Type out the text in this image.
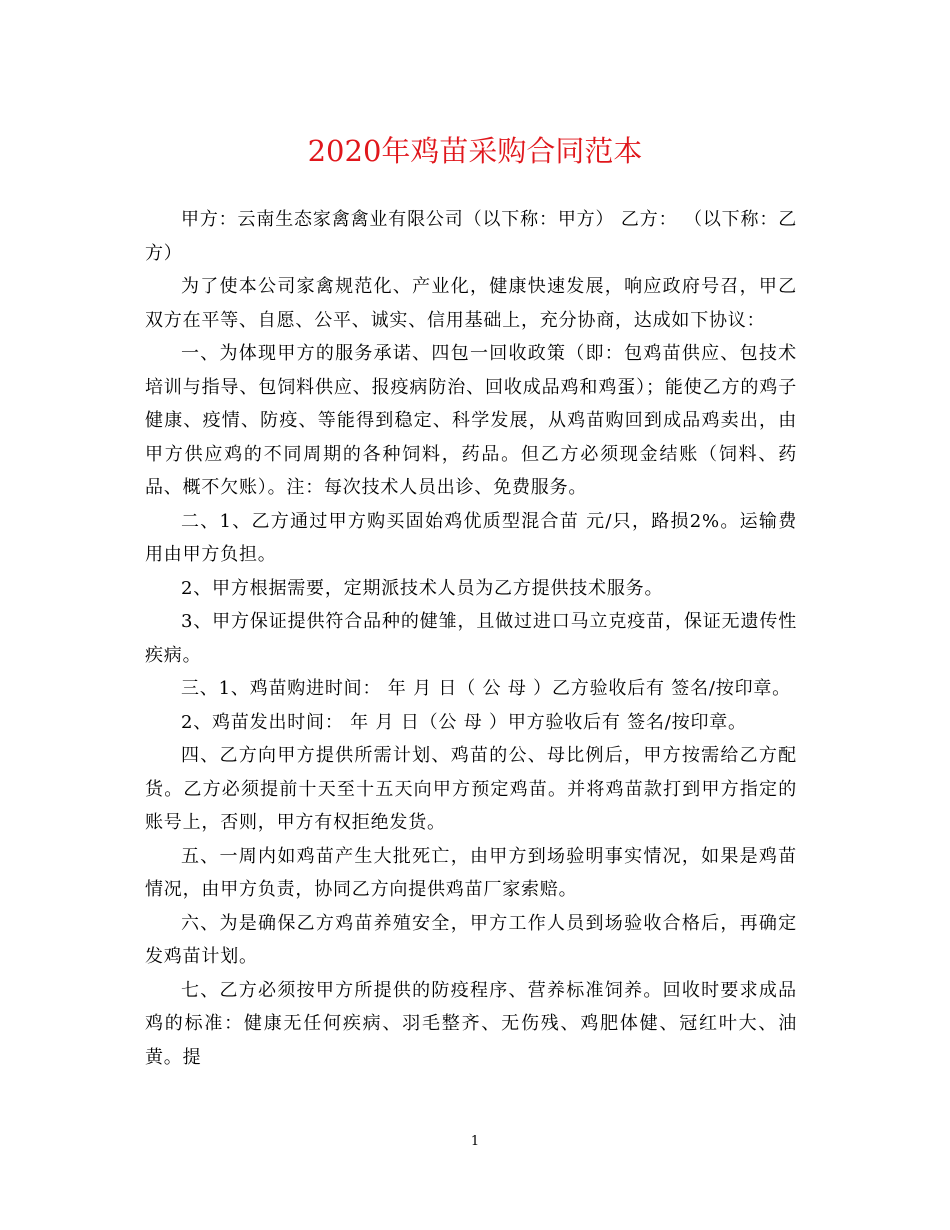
2020年鸡苗采购合同范本

甲方：云南生态家禽禽业有限公司（以下称：甲方） 乙方： （以下称：乙方）

为了使本公司家禽规范化、产业化，健康快速发展，响应政府号召，甲乙双方在平等、自愿、公平、诚实、信用基础上，充分协商，达成如下协议：

一、为体现甲方的服务承诺、四包一回收政策（即：包鸡苗供应、包技术培训与指导、包饲料供应、报疫病防治、回收成品鸡和鸡蛋）；能使乙方的鸡子健康、疫情、防疫、等能得到稳定、科学发展，从鸡苗购回到成品鸡卖出，由甲方供应鸡的不同周期的各种饲料，药品。但乙方必须现金结账（饲料、药品、概不欠账）。注：每次技术人员出诊、免费服务。

二、1、乙方通过甲方购买固始鸡优质型混合苗 元/只，路损2%。运输费用由甲方负担。

2、甲方根据需要，定期派技术人员为乙方提供技术服务。

3、甲方保证提供符合品种的健雏，且做过进口马立克疫苗，保证无遗传性疾病。

三、1、鸡苗购进时间： 年 月 日（ 公 母 ）乙方验收后有 签名/按印章。

2、鸡苗发出时间： 年 月 日（公 母 ）甲方验收后有 签名/按印章。

四、乙方向甲方提供所需计划、鸡苗的公、母比例后，甲方按需给乙方配货。乙方必须提前十天至十五天向甲方预定鸡苗。并将鸡苗款打到甲方指定的账号上，否则，甲方有权拒绝发货。

五、一周内如鸡苗产生大批死亡，由甲方到场验明事实情况，如果是鸡苗情况，由甲方负责，协同乙方向提供鸡苗厂家索赔。

六、为是确保乙方鸡苗养殖安全，甲方工作人员到场验收合格后，再确定发鸡苗计划。

七、乙方必须按甲方所提供的防疫程序、营养标准饲养。回收时要求成品鸡的标准：健康无任何疾病、羽毛整齐、无伤残、鸡肥体健、冠红叶大、油黄。提

1
